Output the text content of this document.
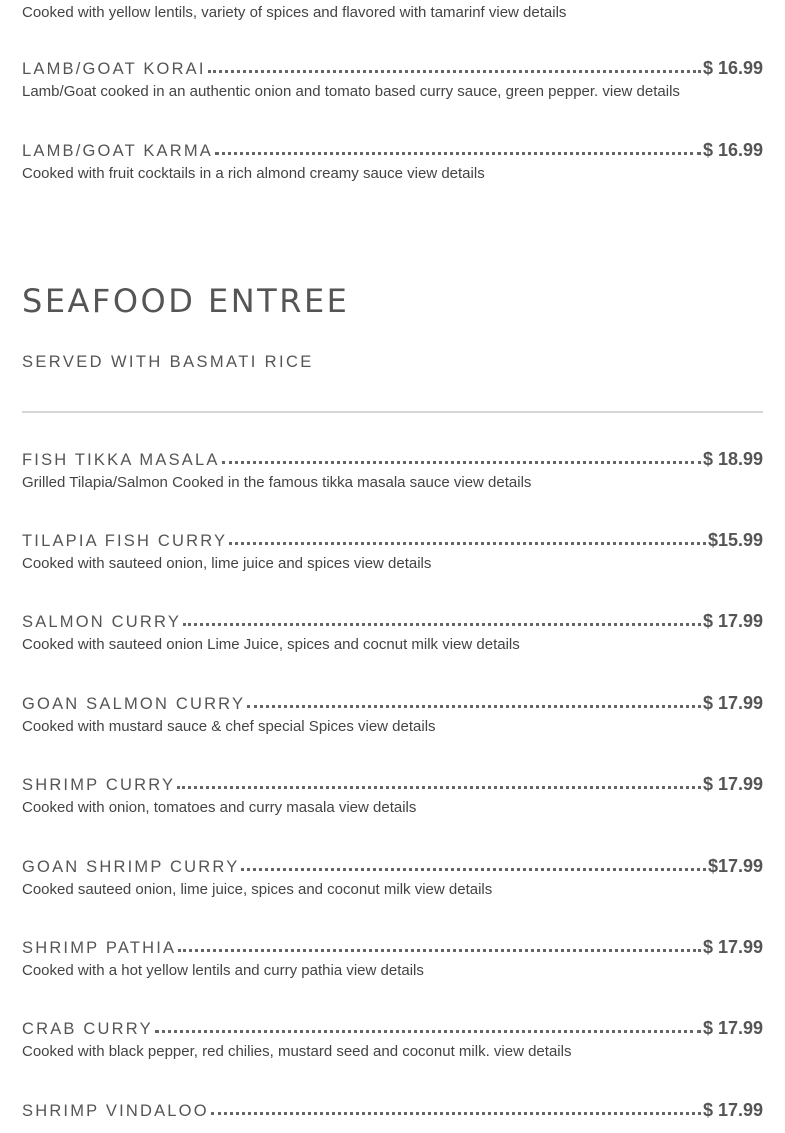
Cooked with yellow lentils, variety of spices and flavored with tamarinf view details
LAMB/GOAT KORAI	$ 16.99
Lamb/Goat cooked in an authentic onion and tomato based curry sauce, green pepper. view details
LAMB/GOAT KARMA	$ 16.99
Cooked with fruit cocktails in a rich almond creamy sauce view details
SEAFOOD ENTREE
SERVED WITH BASMATI RICE
FISH TIKKA MASALA	$ 18.99
Grilled Tilapia/Salmon Cooked in the famous tikka masala sauce view details
TILAPIA FISH CURRY	$15.99
Cooked with sauteed onion, lime juice and spices view details
SALMON CURRY	$ 17.99
Cooked with sauteed onion Lime Juice, spices and cocnut milk view details
GOAN SALMON CURRY	$ 17.99
Cooked with mustard sauce & chef special Spices view details
SHRIMP CURRY	$ 17.99
Cooked with onion, tomatoes and curry masala view details
GOAN SHRIMP CURRY	$17.99
Cooked sauteed onion, lime juice, spices and coconut milk view details
SHRIMP PATHIA	$ 17.99
Cooked with a hot yellow lentils and curry pathia view details
CRAB CURRY	$ 17.99
Cooked with black pepper, red chilies, mustard seed and coconut milk. view details
SHRIMP VINDALOO	$ 17.99
